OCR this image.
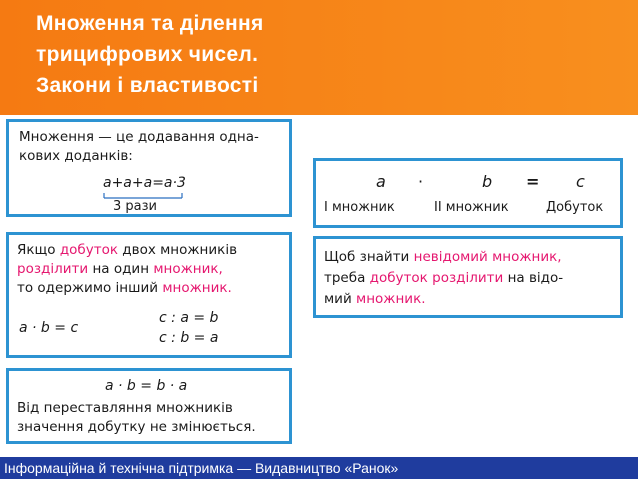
Множення та ділення
трицифрових чисел.
Закони і властивості
Множення — це додавання одна-
кових доданків:
a+a+a=a·3
3 рази
a ·	b = c
I множник	II множник	Добуток
Якщо добуток двох множників
розділити на один множник,
то одержимо інший множник.
a · b = c
c : a = b
c : b = a
Щоб знайти невідомий множник,
треба добуток розділити на відо-
мий множник.
a · b = b · a
Від переставляння множників
значення добутку не змінюється.
Інформаційна й технічна підтримка — Видавництво «Ранок»
